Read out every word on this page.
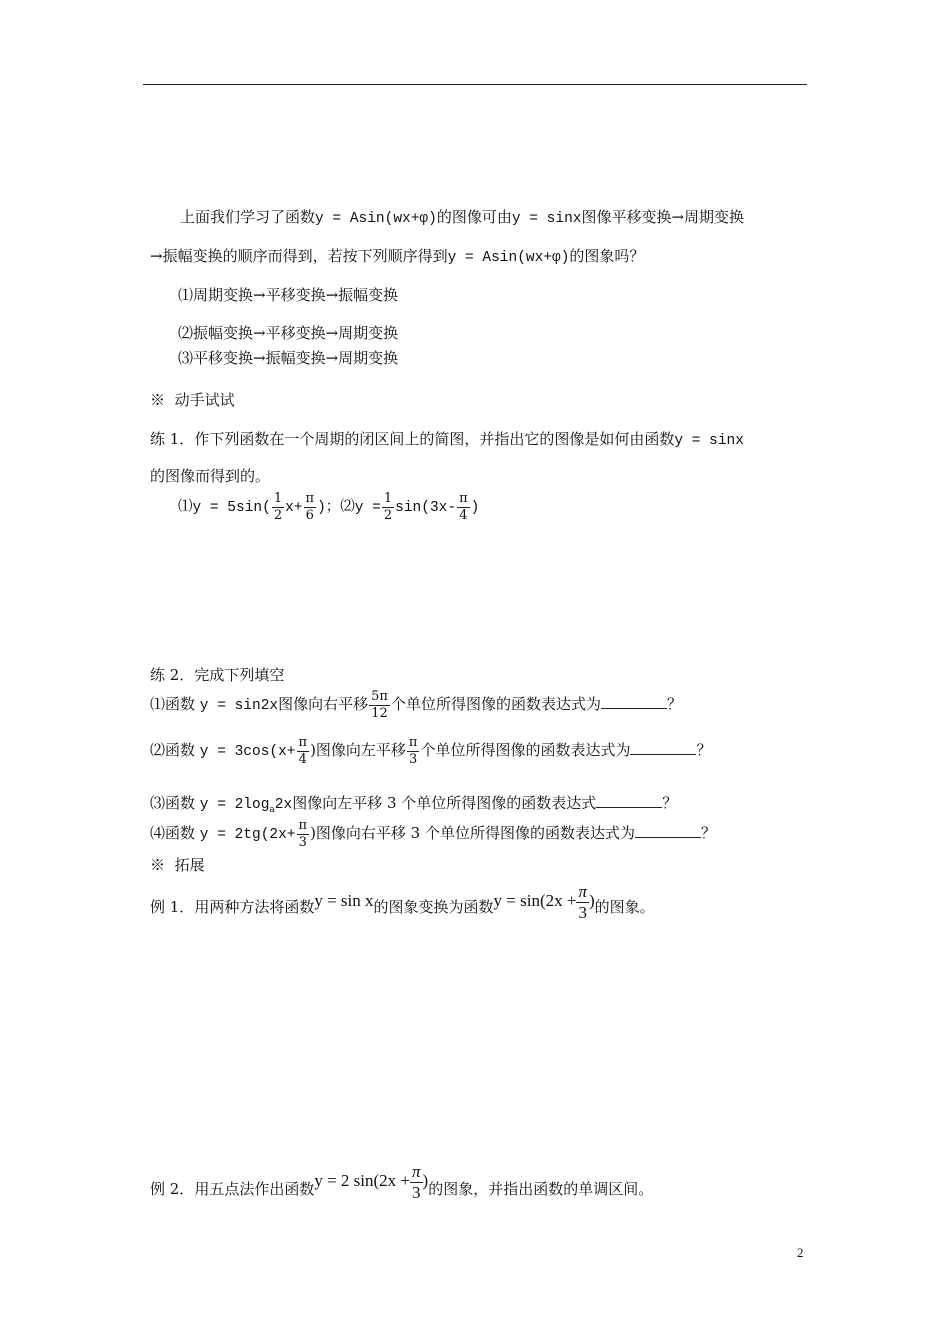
上面我们学习了函数y = Asin(wx+φ)的图像可由y = sinx图像平移变换→周期变换
→振幅变换的顺序而得到，若按下列顺序得到y = Asin(wx+φ)的图象吗？
⑴周期变换→平移变换→振幅变换
⑵振幅变换→平移变换→周期变换
⑶平移变换→振幅变换→周期变换
※ 动手试试
练 1．作下列函数在一个周期的闭区间上的简图，并指出它的图像是如何由函数y = sinx
的图像而得到的。
⑴y = $5\sin( \frac{1}{2} x+ \frac{\pi}{6}$ )；⑵y = $\frac{1}{2} \sin(3x- \frac{\pi}{4}$ )
练 2．完成下列填空
⑴函数 y = sin2x图像向右平移 $\frac{5\pi}{12}$ 个单位所得图像的函数表达式为	？
⑵函数 $y = 3\cos(x+ \frac{\pi}{4}$ )图像向左平移 $\frac{\pi}{3}$ 个单位所得图像的函数表达式为	？
⑶函数 $y = 2\log_a2x$图像向左平移 3 个单位所得图像的函数表达式	？
⑷函数 $y = 2tg(2x+ \frac{\pi}{3}$ )图像向右平移 3 个单位所得图像的函数表达式为	？
※ 拓展
例 1．用两种方法将函数y = sin x的图象变换为函数$y = \sin(2x + \frac{\pi}{3}$ )的图象。
例 2．用五点法作出函数y = 2 $\sin(2x + \frac{\pi}{3}$ )的图象，并指出函数的单调区间。
2
